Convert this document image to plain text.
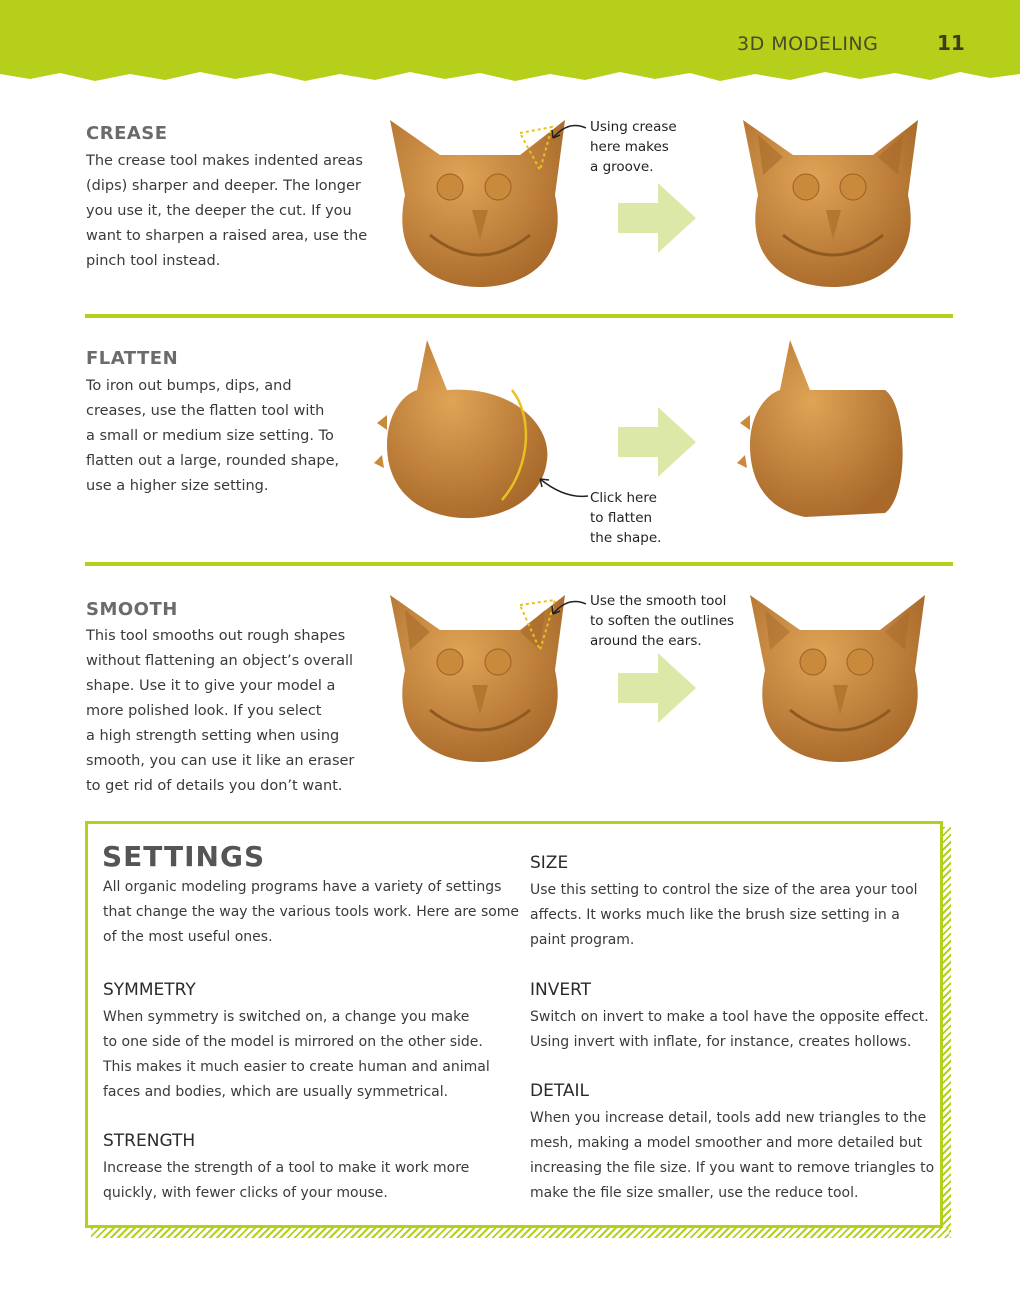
3D MODELING	11
CREASE
The crease tool makes indented areas
(dips) sharper and deeper. The longer
you use it, the deeper the cut. If you
want to sharpen a raised area, use the
pinch tool instead.
Using crease
here makes
a groove.
FLATTEN
To iron out bumps, dips, and
creases, use the flatten tool with
a small or medium size setting. To
flatten out a large, rounded shape,
use a higher size setting.
Click here
to flatten
the shape.
SMOOTH
This tool smooths out rough shapes
without flattening an object’s overall
shape. Use it to give your model a
more polished look. If you select
a high strength setting when using
smooth, you can use it like an eraser
to get rid of details you don’t want.
Use the smooth tool
to soften the outlines
around the ears.
SETTINGS
All organic modeling programs have a variety of settings
that change the way the various tools work. Here are some
of the most useful ones.
SYMMETRY
When symmetry is switched on, a change you make
to one side of the model is mirrored on the other side.
This makes it much easier to create human and animal
faces and bodies, which are usually symmetrical.
STRENGTH
Increase the strength of a tool to make it work more
quickly, with fewer clicks of your mouse.
SIZE
Use this setting to control the size of the area your tool
affects. It works much like the brush size setting in a
paint program.
INVERT
Switch on invert to make a tool have the opposite effect.
Using invert with inflate, for instance, creates hollows.
DETAIL
When you increase detail, tools add new triangles to the
mesh, making a model smoother and more detailed but
increasing the file size. If you want to remove triangles to
make the file size smaller, use the reduce tool.
